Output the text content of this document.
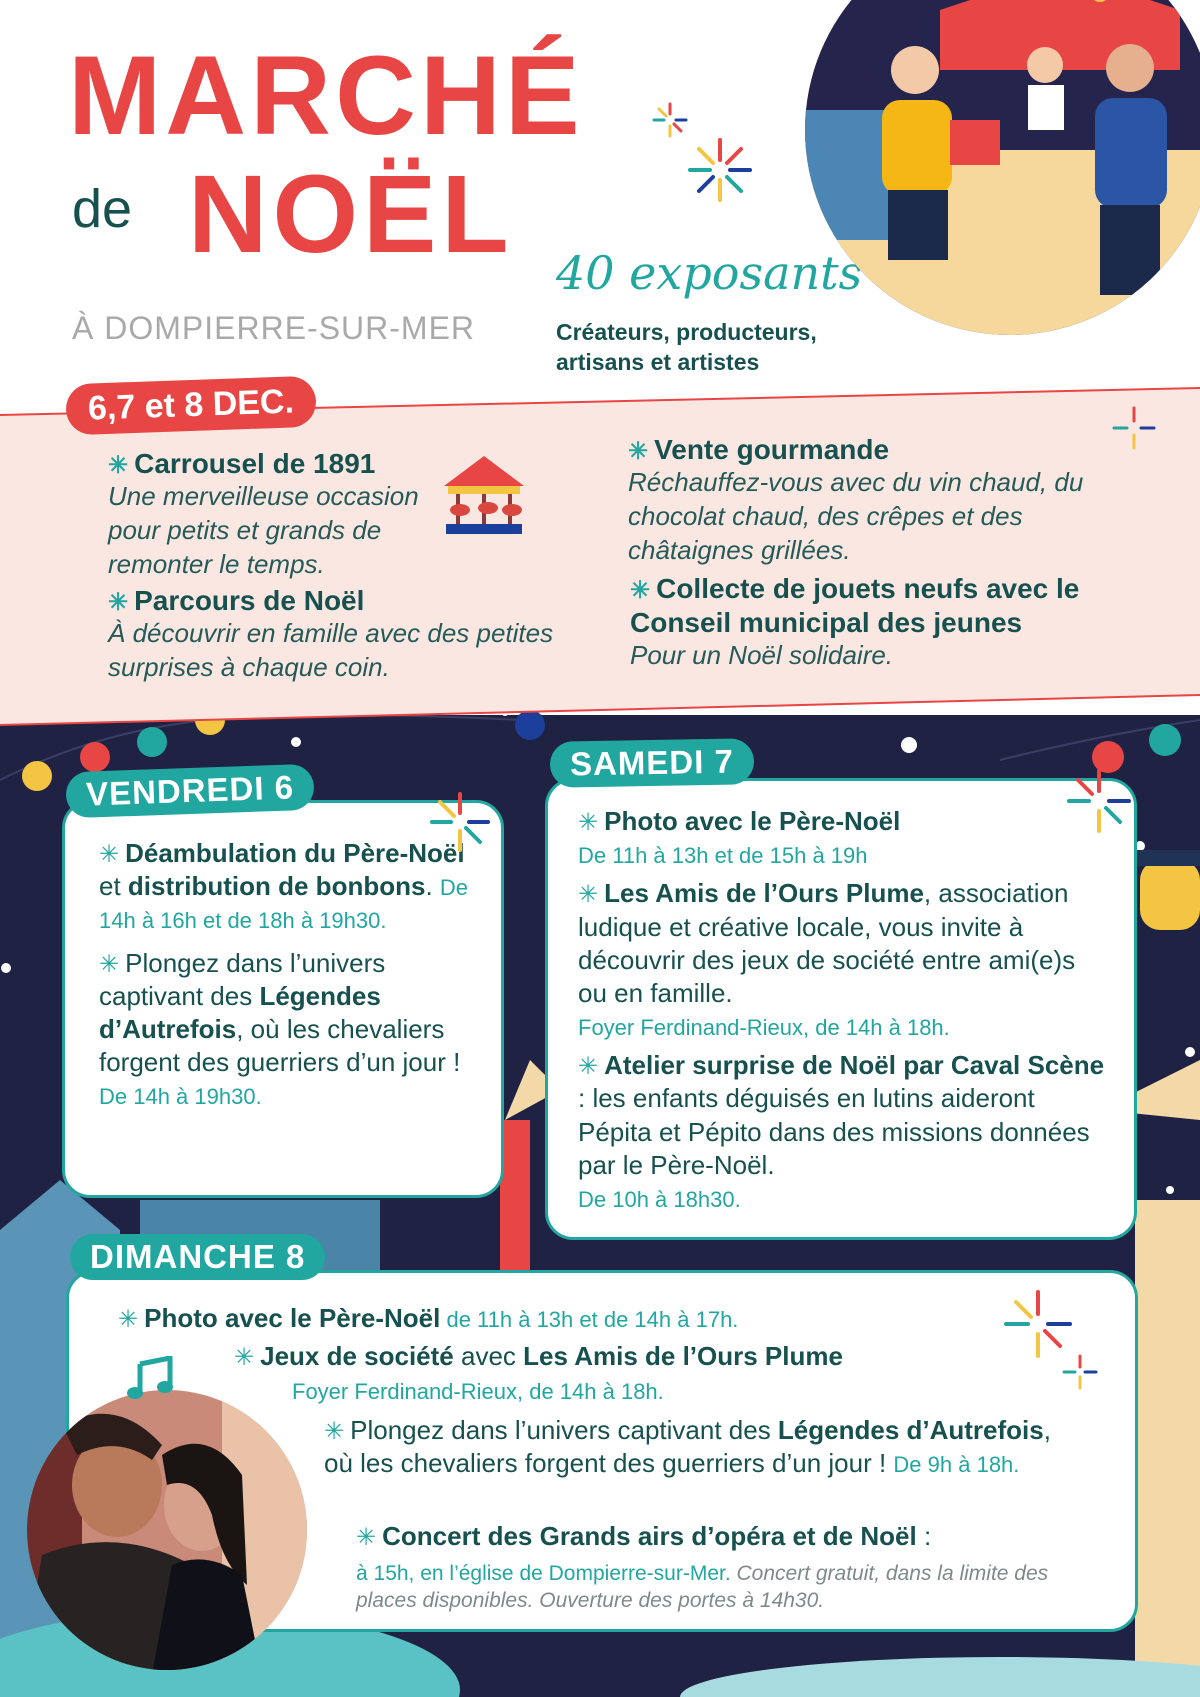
MARCHÉ
de NOËL
À DOMPIERRE-SUR-MER
40 exposants
Créateurs, producteurs, artisans et artistes
6,7 et 8 DEC.
✳ Carrousel de 1891
Une merveilleuse occasion pour petits et grands de remonter le temps.
✳ Parcours de Noël
À découvrir en famille avec des petites surprises à chaque coin.
✳ Vente gourmande
Réchauffez-vous avec du vin chaud, du chocolat chaud, des crêpes et des châtaignes grillées.
✳ Collecte de jouets neufs avec le Conseil municipal des jeunes
Pour un Noël solidaire.

✳ Déambulation du Père-Noël et distribution de bonbons. De 14h à 16h et de 18h à 19h30.

✳ Plongez dans l’univers captivant des Légendes d’Autrefois, où les chevaliers forgent des guerriers d’un jour !
De 14h à 19h30.

VENDREDI 6

✳ Photo avec le Père-Noël
De 11h à 13h et de 15h à 19h

✳ Les Amis de l’Ours Plume, association ludique et créative locale, vous invite à découvrir des jeux de société entre ami(e)s ou en famille.
Foyer Ferdinand-Rieux, de 14h à 18h.

✳ Atelier surprise de Noël par Caval Scène : les enfants déguisés en lutins aideront Pépita et Pépito dans des missions données par le Père-Noël.
De 10h à 18h30.

SAMEDI 7
DIMANCHE 8
✳ Photo avec le Père-Noël de 11h à 13h et de 14h à 17h.
✳ Jeux de société avec Les Amis de l’Ours Plume
Foyer Ferdinand-Rieux, de 14h à 18h.
✳ Plongez dans l’univers captivant des Légendes d’Autrefois, où les chevaliers forgent des guerriers d’un jour ! De 9h à 18h.
✳ Concert des Grands airs d’opéra et de Noël :
à 15h, en l’église de Dompierre-sur-Mer. Concert gratuit, dans la limite des places disponibles. Ouverture des portes à 14h30.
